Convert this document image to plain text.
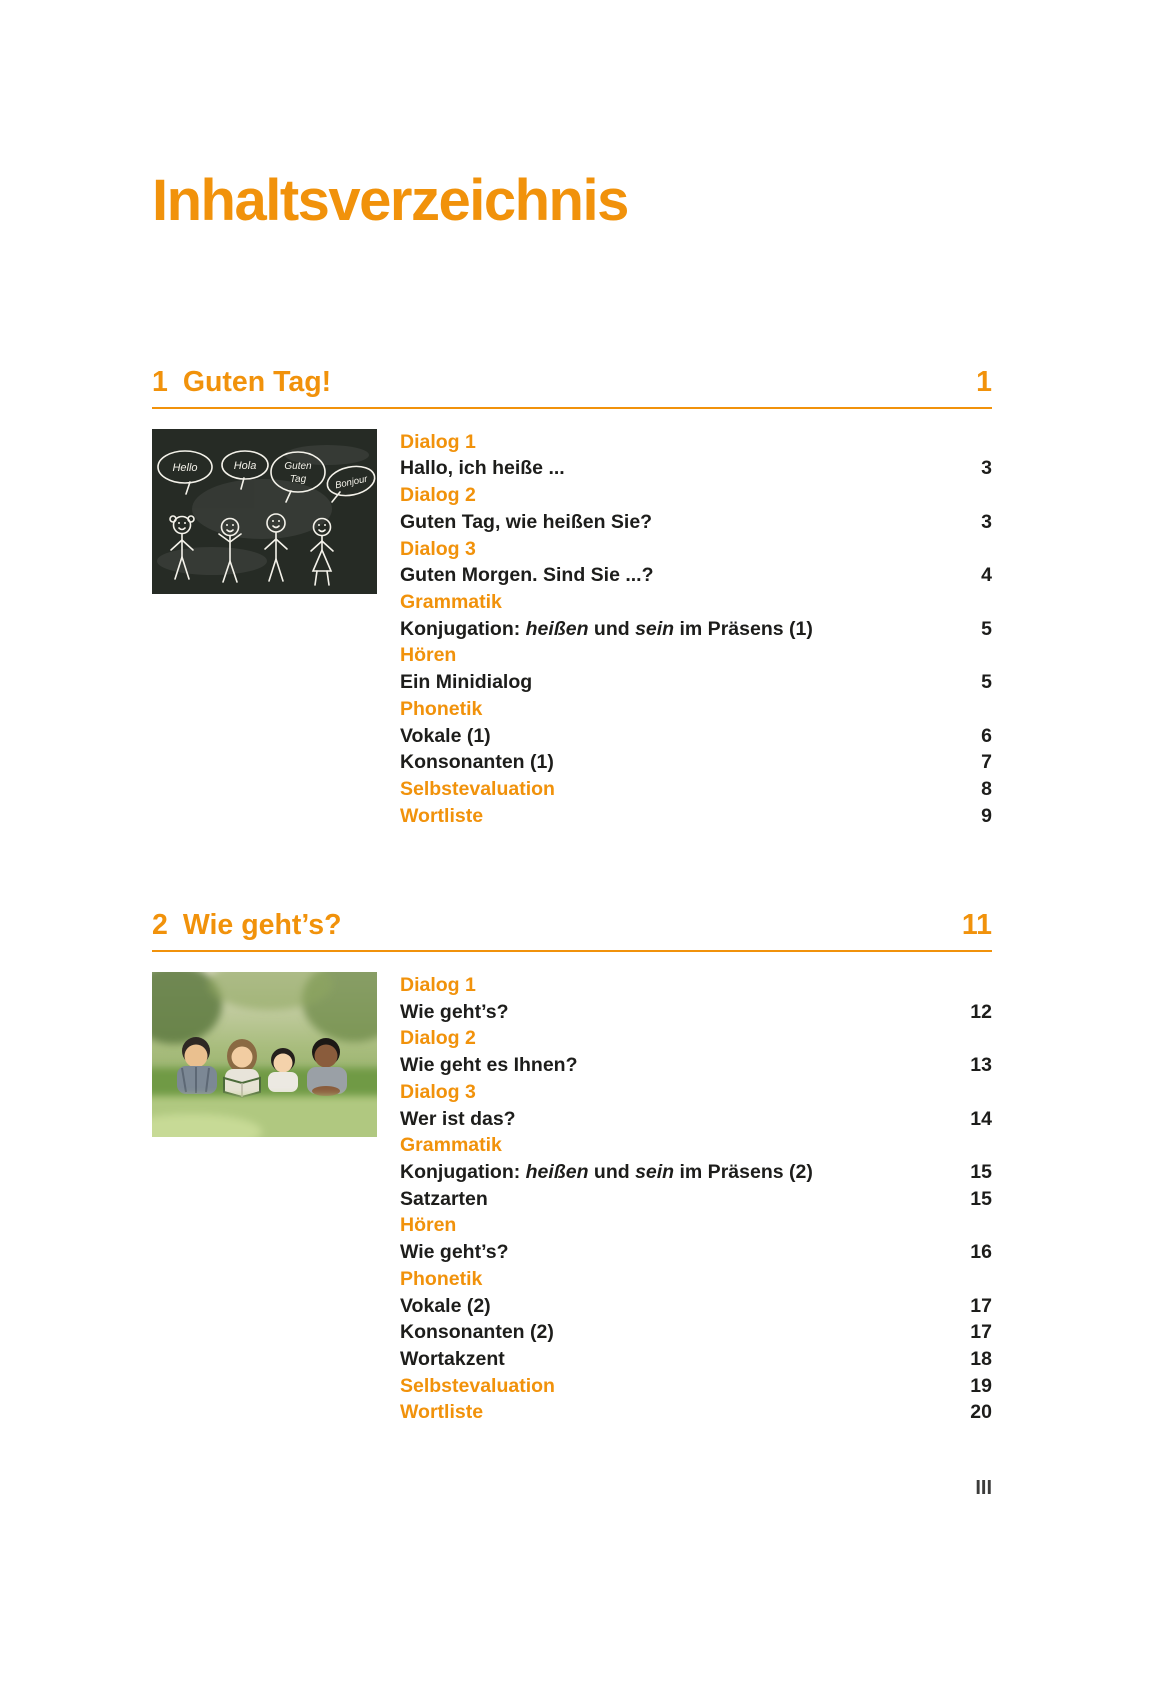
Inhaltsverzeichnis
1 Guten Tag!	1
Hello	Hola	Guten
Tag	Bonjour
Dialog 1
Hallo, ich heiße ...	3
Dialog 2
Guten Tag, wie heißen Sie?	3
Dialog 3
Guten Morgen. Sind Sie ...?	4
Grammatik
Konjugation: heißen und sein im Präsens (1)	5
Hören
Ein Minidialog	5
Phonetik
Vokale (1)	6
Konsonanten (1)	7
Selbstevaluation	8
Wortliste	9
2 Wie geht’s?	11
Dialog 1
Wie geht’s?	12
Dialog 2
Wie geht es Ihnen?	13
Dialog 3
Wer ist das?	14
Grammatik
Konjugation: heißen und sein im Präsens (2)	15
Satzarten	15
Hören
Wie geht’s?	16
Phonetik
Vokale (2)	17
Konsonanten (2)	17
Wortakzent	18
Selbstevaluation	19
Wortliste	20
III
